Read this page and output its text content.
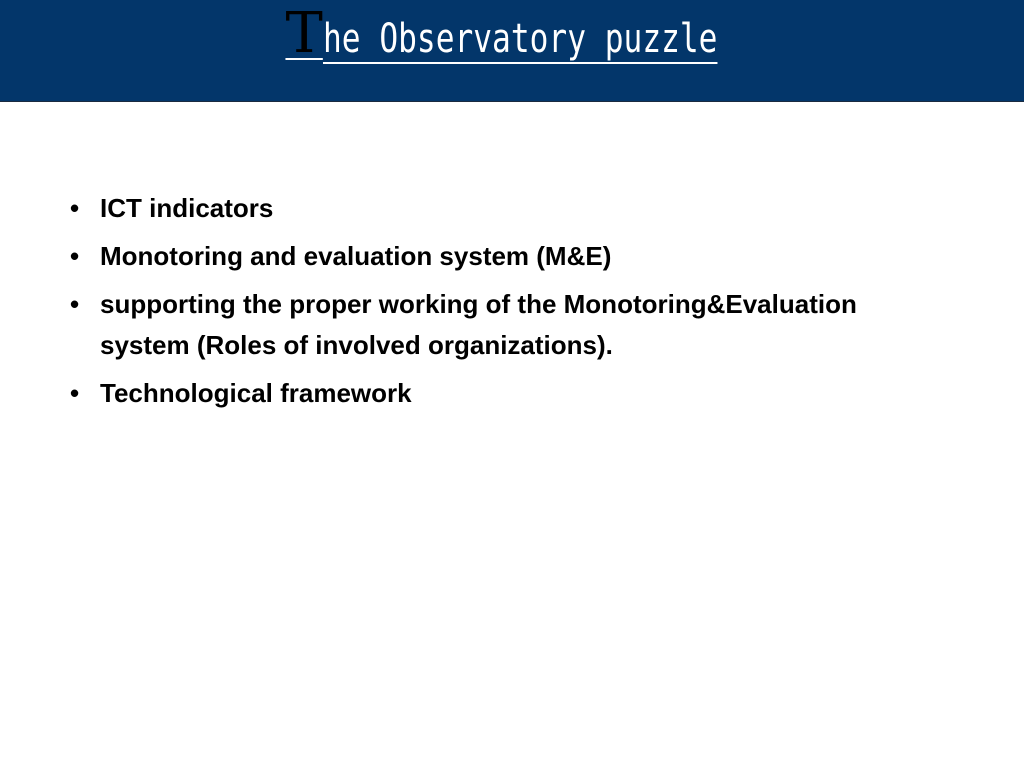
The Observatory puzzle
• ICT indicators
• Monotoring and evaluation system (M&E)
• supporting the proper working of the Monotoring&Evaluation system (Roles of involved organizations).
• Technological framework
